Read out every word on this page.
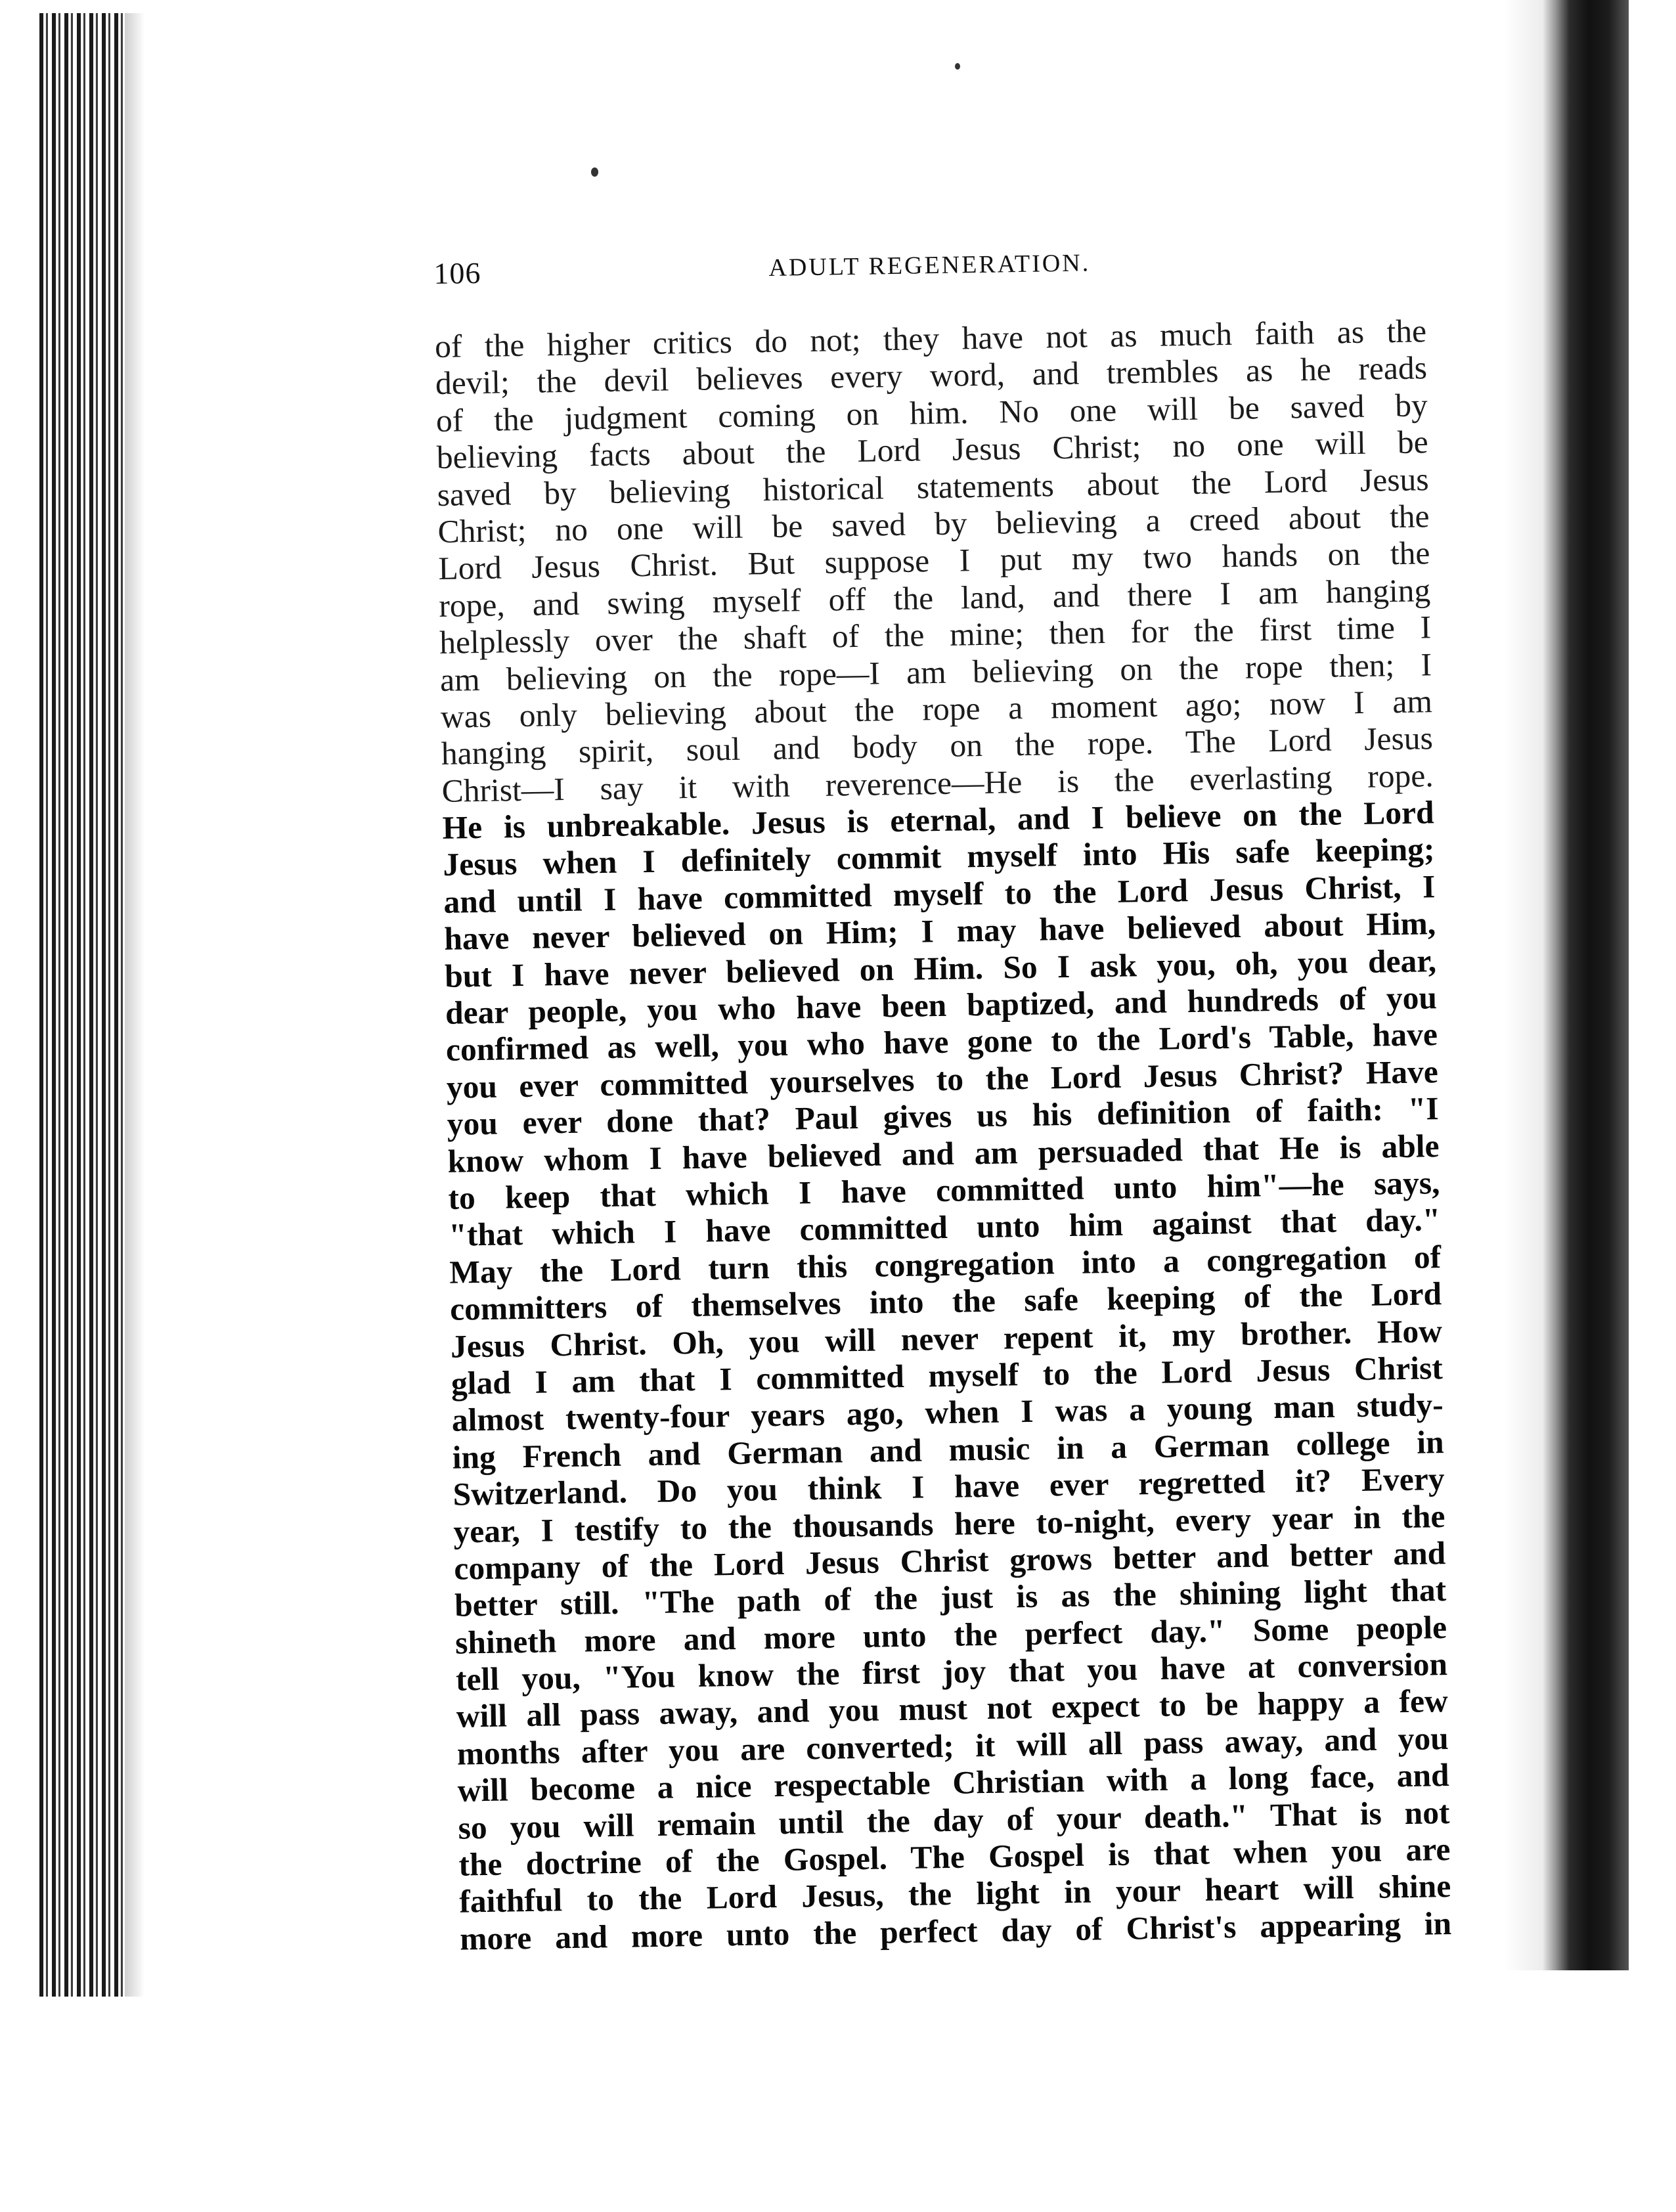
106	ADULT REGENERATION.
of the higher critics do not; they have not as much faith as the
devil; the devil believes every word, and trembles as he reads
of the judgment coming on him. No one will be saved by
believing facts about the Lord Jesus Christ; no one will be
saved by believing historical statements about the Lord Jesus
Christ; no one will be saved by believing a creed about the
Lord Jesus Christ. But suppose I put my two hands on the
rope, and swing myself off the land, and there I am hanging
helplessly over the shaft of the mine; then for the first time I
am believing on the rope—I am believing on the rope then; I
was only believing about the rope a moment ago; now I am
hanging spirit, soul and body on the rope. The Lord Jesus
Christ—I say it with reverence—He is the everlasting rope.
He is unbreakable. Jesus is eternal, and I believe on the Lord
Jesus when I definitely commit myself into His safe keeping;
and until I have committed myself to the Lord Jesus Christ, I
have never believed on Him; I may have believed about Him,
but I have never believed on Him. So I ask you, oh, you dear,
dear people, you who have been baptized, and hundreds of you
confirmed as well, you who have gone to the Lord's Table, have
you ever committed yourselves to the Lord Jesus Christ? Have
you ever done that? Paul gives us his definition of faith: "I
know whom I have believed and am persuaded that He is able
to keep that which I have committed unto him"—he says,
"that which I have committed unto him against that day."
May the Lord turn this congregation into a congregation of
committers of themselves into the safe keeping of the Lord
Jesus Christ. Oh, you will never repent it, my brother. How
glad I am that I committed myself to the Lord Jesus Christ
almost twenty-four years ago, when I was a young man study-
ing French and German and music in a German college in
Switzerland. Do you think I have ever regretted it? Every
year, I testify to the thousands here to-night, every year in the
company of the Lord Jesus Christ grows better and better and
better still. "The path of the just is as the shining light that
shineth more and more unto the perfect day." Some people
tell you, "You know the first joy that you have at conversion
will all pass away, and you must not expect to be happy a few
months after you are converted; it will all pass away, and you
will become a nice respectable Christian with a long face, and
so you will remain until the day of your death." That is not
the doctrine of the Gospel. The Gospel is that when you are
faithful to the Lord Jesus, the light in your heart will shine
more and more unto the perfect day of Christ's appearing in
